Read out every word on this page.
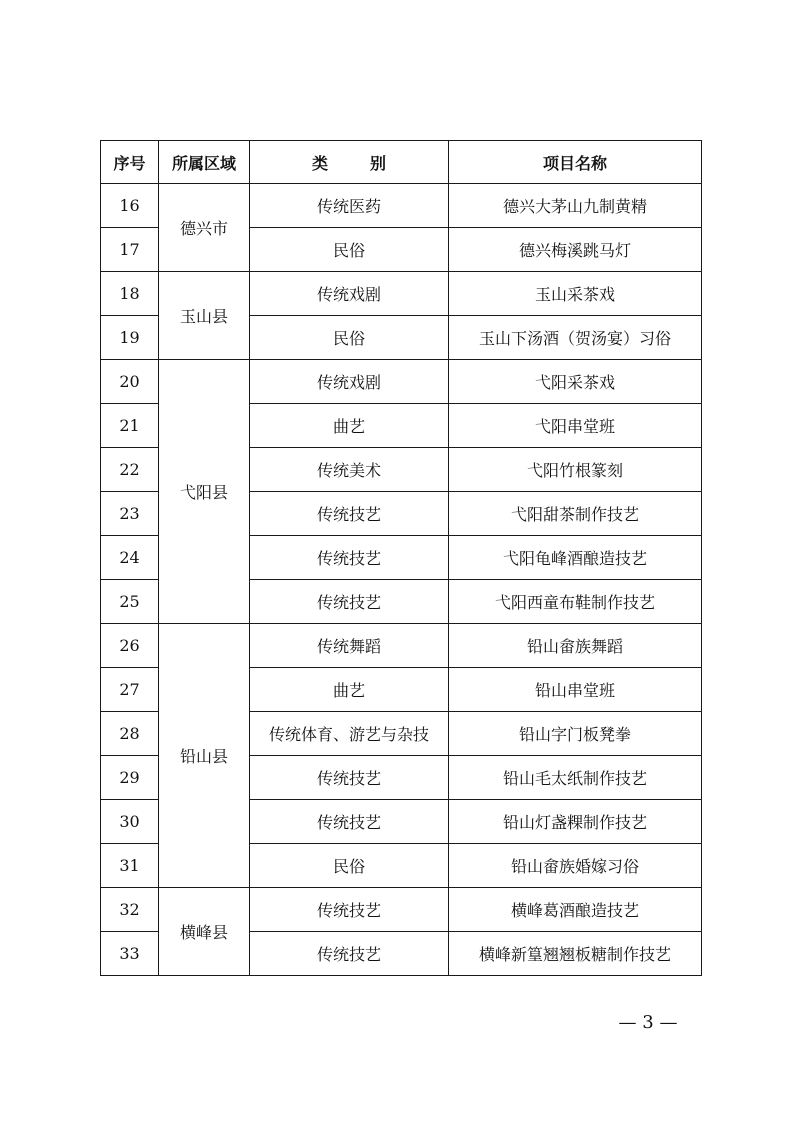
序号	所属区域	类 别	项目名称
16	德兴市	传统医药	德兴大茅山九制黄精
17		民俗	德兴梅溪跳马灯
18	玉山县	传统戏剧	玉山采茶戏
19		民俗	玉山下汤酒（贺汤宴）习俗
20	弋阳县	传统戏剧	弋阳采茶戏
21		曲艺	弋阳串堂班
22		传统美术	弋阳竹根篆刻
23		传统技艺	弋阳甜茶制作技艺
24		传统技艺	弋阳龟峰酒酿造技艺
25		传统技艺	弋阳西童布鞋制作技艺
26	铅山县	传统舞蹈	铅山畲族舞蹈
27		曲艺	铅山串堂班
28		传统体育、游艺与杂技	铅山字门板凳拳
29		传统技艺	铅山毛太纸制作技艺
30		传统技艺	铅山灯盏粿制作技艺
31		民俗	铅山畲族婚嫁习俗
32	横峰县	传统技艺	横峰葛酒酿造技艺
33		传统技艺	横峰新篁翘翘板糖制作技艺
— 3 —
